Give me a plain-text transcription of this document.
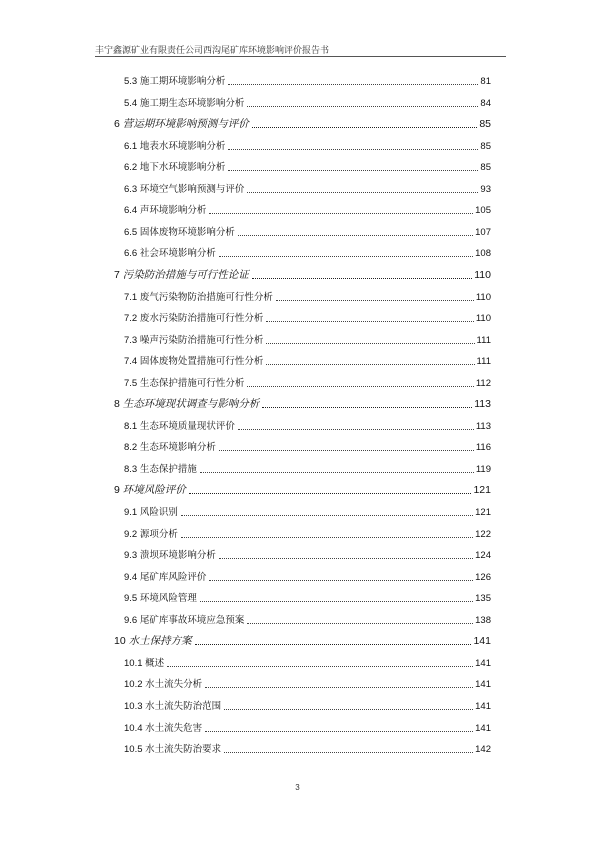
丰宁鑫源矿业有限责任公司西沟尾矿库环境影响评价报告书
5.3 施工期环境影响分析	81
5.4 施工期生态环境影响分析	84
6 营运期环境影响预测与评价	85
6.1 地表水环境影响分析	85
6.2 地下水环境影响分析	85
6.3 环境空气影响预测与评价	93
6.4 声环境影响分析	105
6.5 固体废物环境影响分析	107
6.6 社会环境影响分析	108
7 污染防治措施与可行性论证	110
7.1 废气污染物防治措施可行性分析	110
7.2 废水污染防治措施可行性分析	110
7.3 噪声污染防治措施可行性分析	111
7.4 固体废物处置措施可行性分析	111
7.5 生态保护措施可行性分析	112
8 生态环境现状调查与影响分析	113
8.1 生态环境质量现状评价	113
8.2 生态环境影响分析	116
8.3 生态保护措施	119
9 环境风险评价	121
9.1 风险识别	121
9.2 源项分析	122
9.3 溃坝环境影响分析	124
9.4 尾矿库风险评价	126
9.5 环境风险管理	135
9.6 尾矿库事故环境应急预案	138
10 水土保持方案	141
10.1 概述	141
10.2 水土流失分析	141
10.3 水土流失防治范围	141
10.4 水土流失危害	141
10.5 水土流失防治要求	142
3
